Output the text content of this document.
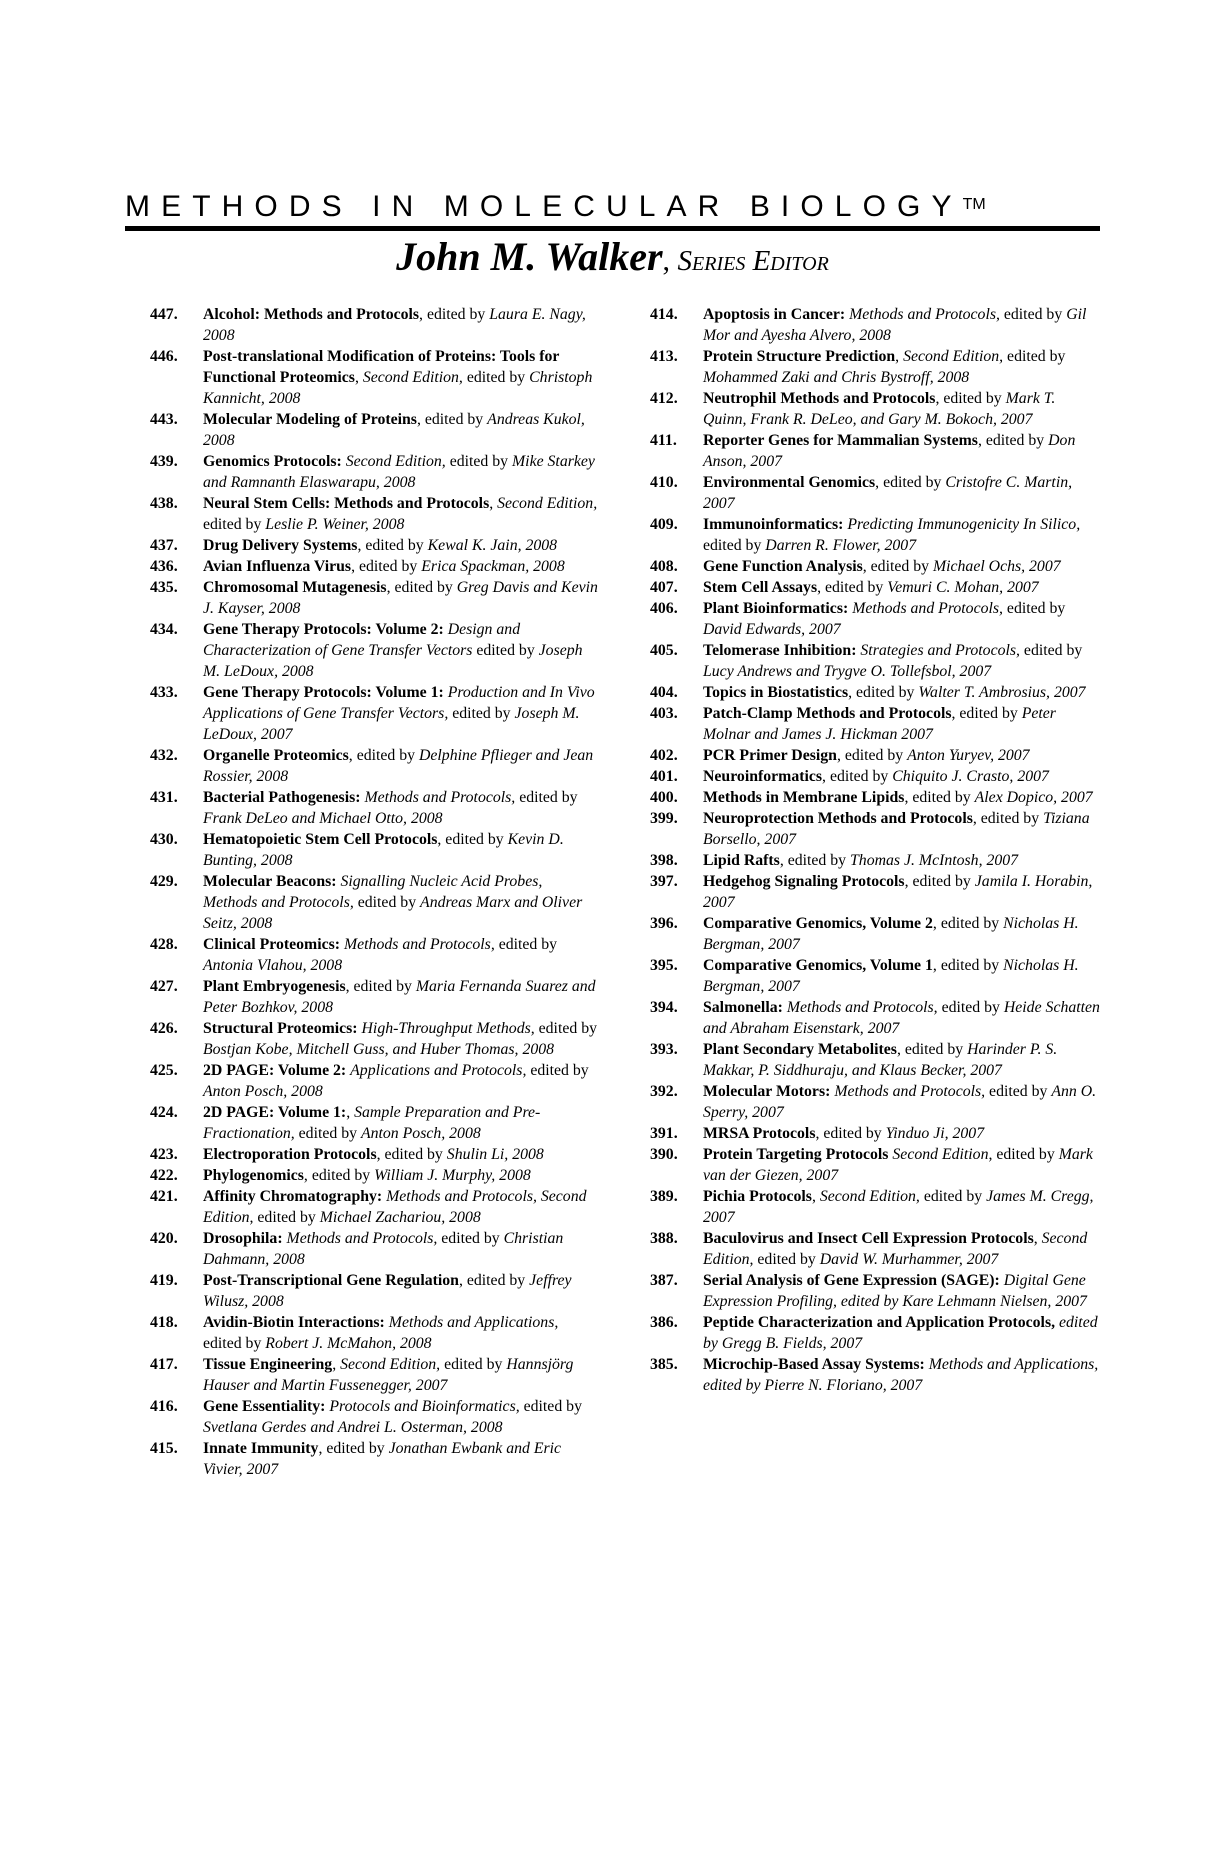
METHODS IN MOLECULAR BIOLOGY™
John M. Walker, Series Editor
447. Alcohol: Methods and Protocols, edited by Laura E. Nagy, 2008
446. Post-translational Modification of Proteins: Tools for Functional Proteomics, Second Edition, edited by Christoph Kannicht, 2008
443. Molecular Modeling of Proteins, edited by Andreas Kukol, 2008
439. Genomics Protocols: Second Edition, edited by Mike Starkey and Ramnanth Elaswarapu, 2008
438. Neural Stem Cells: Methods and Protocols, Second Edition, edited by Leslie P. Weiner, 2008
437. Drug Delivery Systems, edited by Kewal K. Jain, 2008
436. Avian Influenza Virus, edited by Erica Spackman, 2008
435. Chromosomal Mutagenesis, edited by Greg Davis and Kevin J. Kayser, 2008
434. Gene Therapy Protocols: Volume 2: Design and Characterization of Gene Transfer Vectors edited by Joseph M. LeDoux, 2008
433. Gene Therapy Protocols: Volume 1: Production and In Vivo Applications of Gene Transfer Vectors, edited by Joseph M. LeDoux, 2007
432. Organelle Proteomics, edited by Delphine Pflieger and Jean Rossier, 2008
431. Bacterial Pathogenesis: Methods and Protocols, edited by Frank DeLeo and Michael Otto, 2008
430. Hematopoietic Stem Cell Protocols, edited by Kevin D. Bunting, 2008
429. Molecular Beacons: Signalling Nucleic Acid Probes, Methods and Protocols, edited by Andreas Marx and Oliver Seitz, 2008
428. Clinical Proteomics: Methods and Protocols, edited by Antonia Vlahou, 2008
427. Plant Embryogenesis, edited by Maria Fernanda Suarez and Peter Bozhkov, 2008
426. Structural Proteomics: High-Throughput Methods, edited by Bostjan Kobe, Mitchell Guss, and Huber Thomas, 2008
425. 2D PAGE: Volume 2: Applications and Protocols, edited by Anton Posch, 2008
424. 2D PAGE: Volume 1:, Sample Preparation and Pre-Fractionation, edited by Anton Posch, 2008
423. Electroporation Protocols, edited by Shulin Li, 2008
422. Phylogenomics, edited by William J. Murphy, 2008
421. Affinity Chromatography: Methods and Protocols, Second Edition, edited by Michael Zachariou, 2008
420. Drosophila: Methods and Protocols, edited by Christian Dahmann, 2008
419. Post-Transcriptional Gene Regulation, edited by Jeffrey Wilusz, 2008
418. Avidin-Biotin Interactions: Methods and Applications, edited by Robert J. McMahon, 2008
417. Tissue Engineering, Second Edition, edited by Hannsjörg Hauser and Martin Fussenegger, 2007
416. Gene Essentiality: Protocols and Bioinformatics, edited by Svetlana Gerdes and Andrei L. Osterman, 2008
415. Innate Immunity, edited by Jonathan Ewbank and Eric Vivier, 2007
414. Apoptosis in Cancer: Methods and Protocols, edited by Gil Mor and Ayesha Alvero, 2008
413. Protein Structure Prediction, Second Edition, edited by Mohammed Zaki and Chris Bystroff, 2008
412. Neutrophil Methods and Protocols, edited by Mark T. Quinn, Frank R. DeLeo, and Gary M. Bokoch, 2007
411. Reporter Genes for Mammalian Systems, edited by Don Anson, 2007
410. Environmental Genomics, edited by Cristofre C. Martin, 2007
409. Immunoinformatics: Predicting Immunogenicity In Silico, edited by Darren R. Flower, 2007
408. Gene Function Analysis, edited by Michael Ochs, 2007
407. Stem Cell Assays, edited by Vemuri C. Mohan, 2007
406. Plant Bioinformatics: Methods and Protocols, edited by David Edwards, 2007
405. Telomerase Inhibition: Strategies and Protocols, edited by Lucy Andrews and Trygve O. Tollefsbol, 2007
404. Topics in Biostatistics, edited by Walter T. Ambrosius, 2007
403. Patch-Clamp Methods and Protocols, edited by Peter Molnar and James J. Hickman 2007
402. PCR Primer Design, edited by Anton Yuryev, 2007
401. Neuroinformatics, edited by Chiquito J. Crasto, 2007
400. Methods in Membrane Lipids, edited by Alex Dopico, 2007
399. Neuroprotection Methods and Protocols, edited by Tiziana Borsello, 2007
398. Lipid Rafts, edited by Thomas J. McIntosh, 2007
397. Hedgehog Signaling Protocols, edited by Jamila I. Horabin, 2007
396. Comparative Genomics, Volume 2, edited by Nicholas H. Bergman, 2007
395. Comparative Genomics, Volume 1, edited by Nicholas H. Bergman, 2007
394. Salmonella: Methods and Protocols, edited by Heide Schatten and Abraham Eisenstark, 2007
393. Plant Secondary Metabolites, edited by Harinder P. S. Makkar, P. Siddhuraju, and Klaus Becker, 2007
392. Molecular Motors: Methods and Protocols, edited by Ann O. Sperry, 2007
391. MRSA Protocols, edited by Yinduo Ji, 2007
390. Protein Targeting Protocols Second Edition, edited by Mark van der Giezen, 2007
389. Pichia Protocols, Second Edition, edited by James M. Cregg, 2007
388. Baculovirus and Insect Cell Expression Protocols, Second Edition, edited by David W. Murhammer, 2007
387. Serial Analysis of Gene Expression (SAGE): Digital Gene Expression Profiling, edited by Kare Lehmann Nielsen, 2007
386. Peptide Characterization and Application Protocols, edited by Gregg B. Fields, 2007
385. Microchip-Based Assay Systems: Methods and Applications, edited by Pierre N. Floriano, 2007
